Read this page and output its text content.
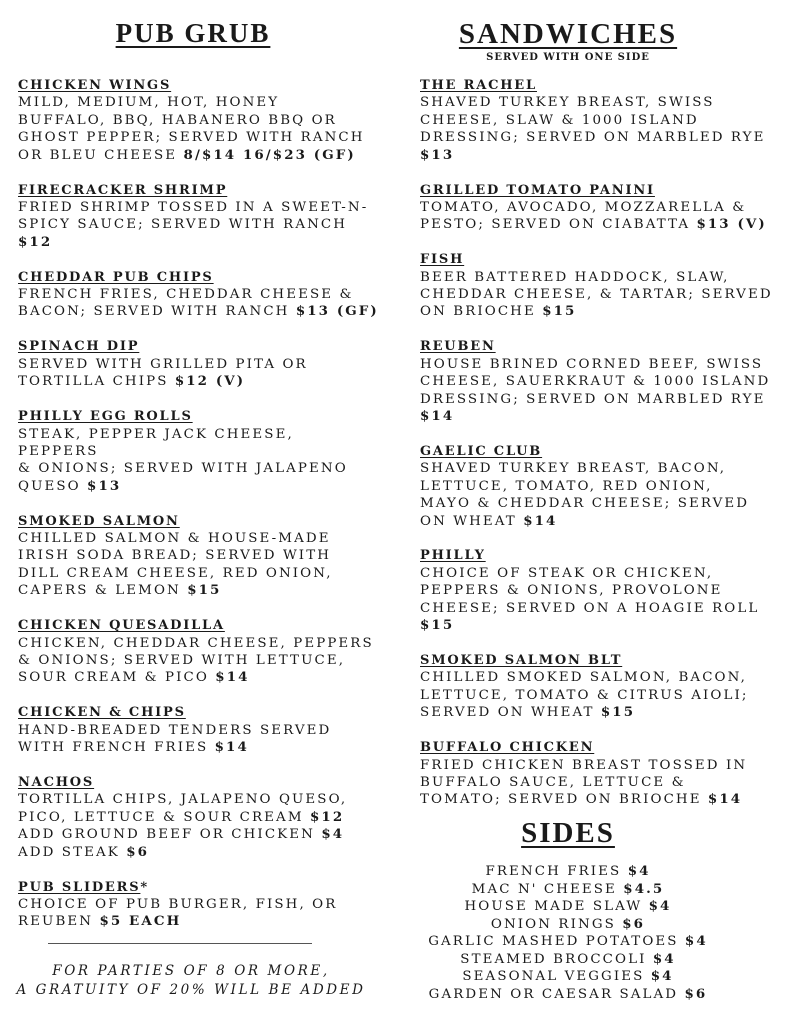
PUB GRUB
CHICKEN WINGS
MILD, MEDIUM, HOT, HONEY
BUFFALO, BBQ, HABANERO BBQ OR
GHOST PEPPER; SERVED WITH RANCH
OR BLEU CHEESE 8/$14 16/$23 (GF)
FIRECRACKER SHRIMP
FRIED SHRIMP TOSSED IN A SWEET-N-
SPICY SAUCE; SERVED WITH RANCH
$12
CHEDDAR PUB CHIPS
FRENCH FRIES, CHEDDAR CHEESE &
BACON; SERVED WITH RANCH $13 (GF)
SPINACH DIP
SERVED WITH GRILLED PITA OR
TORTILLA CHIPS $12 (V)
PHILLY EGG ROLLS
STEAK, PEPPER JACK CHEESE, PEPPERS
& ONIONS; SERVED WITH JALAPENO
QUESO $13
SMOKED SALMON
CHILLED SALMON & HOUSE-MADE
IRISH SODA BREAD; SERVED WITH
DILL CREAM CHEESE, RED ONION,
CAPERS & LEMON $15
CHICKEN QUESADILLA
CHICKEN, CHEDDAR CHEESE, PEPPERS
& ONIONS; SERVED WITH LETTUCE,
SOUR CREAM & PICO $14
CHICKEN & CHIPS
HAND-BREADED TENDERS SERVED
WITH FRENCH FRIES $14
NACHOS
TORTILLA CHIPS, JALAPENO QUESO,
PICO, LETTUCE & SOUR CREAM $12
ADD GROUND BEEF OR CHICKEN $4
ADD STEAK $6
PUB SLIDERS*
CHOICE OF PUB BURGER, FISH, OR
REUBEN $5 EACH
FOR PARTIES OF 8 OR MORE,
A GRATUITY OF 20% WILL BE ADDED
SANDWICHES
SERVED WITH ONE SIDE
THE RACHEL
SHAVED TURKEY BREAST, SWISS
CHEESE, SLAW & 1000 ISLAND
DRESSING; SERVED ON MARBLED RYE
$13
GRILLED TOMATO PANINI
TOMATO, AVOCADO, MOZZARELLA &
PESTO; SERVED ON CIABATTA $13 (V)
FISH
BEER BATTERED HADDOCK, SLAW,
CHEDDAR CHEESE, & TARTAR; SERVED
ON BRIOCHE $15
REUBEN
HOUSE BRINED CORNED BEEF, SWISS
CHEESE, SAUERKRAUT & 1000 ISLAND
DRESSING; SERVED ON MARBLED RYE
$14
GAELIC CLUB
SHAVED TURKEY BREAST, BACON,
LETTUCE, TOMATO, RED ONION,
MAYO & CHEDDAR CHEESE; SERVED
ON WHEAT $14
PHILLY
CHOICE OF STEAK OR CHICKEN,
PEPPERS & ONIONS, PROVOLONE
CHEESE; SERVED ON A HOAGIE ROLL
$15
SMOKED SALMON BLT
CHILLED SMOKED SALMON, BACON,
LETTUCE, TOMATO & CITRUS AIOLI;
SERVED ON WHEAT $15
BUFFALO CHICKEN
FRIED CHICKEN BREAST TOSSED IN
BUFFALO SAUCE, LETTUCE &
TOMATO; SERVED ON BRIOCHE $14
SIDES
FRENCH FRIES $4
MAC N' CHEESE $4.5
HOUSE MADE SLAW $4
ONION RINGS $6
GARLIC MASHED POTATOES $4
STEAMED BROCCOLI $4
SEASONAL VEGGIES $4
GARDEN OR CAESAR SALAD $6
